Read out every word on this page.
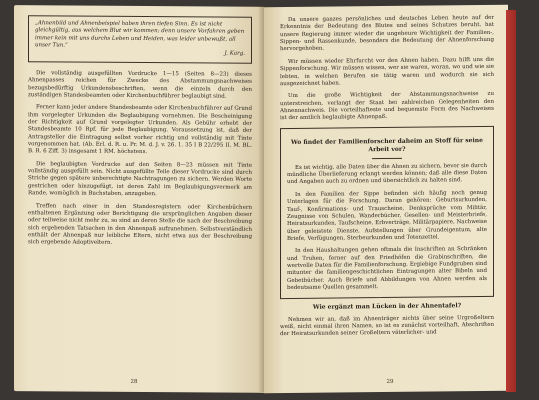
„Ahnenbild und Ahnenbeispiel haben ihren tiefen Sinn. Es ist nicht gleichgültig, aus welchem Blut wir kommen; denn unsere Vorfahren geben immer kein mit uns durchs Leben und Heiden, was leider unbewußt, all unser Tun.“
J. Karg.

Die vollständig ausgefüllten Vordrucke 1—15 (Seiten 8—23) dieses Ahnenpasses reichen für Zwecke des Abstammungsnachweises bezugsbedürftig Urkundensbeschriften, wenn die einzeln durch den zuständigen Standesbeamten oder Kirchenbuchführer beglaubigt sind.

Ferner kann jeder andere Standesbeamte oder Kirchenbuchführer auf Grund ihm vorgelegter Urkunden die Beglaubigung vornehmen. Die Bescheinigung der Richtigkeit auf Grund vorgelegter Urkunden. Als Gebühr erhebt der Standesbeamte 10 Rpf. für jede Beglaubigung. Voraussetzung ist, daß der Antragsteller die Eintragung selbst vorher richtig und vollständig mit Tinte vorgenommen hat. (Ab. Erl. d. R. u. Pr. M. d. J. v. 26. 1. 35 I B 22/295 II. M. BL. B. R. 6 Ziff. 3) insgesamt 1 RM. höchstens.

Die beglaubigten Vordrucke auf den Seiten 8—23 müssen mit Tinte vollständig ausgefüllt sein. Nicht ausgefüllte Teile dieser Vordrucke sind durch Striche gegen spätere unberechtigte Nachtragungen zu sichern. Werden Worte gestrichen oder hinzugefügt, ist deren Zahl im Beglaubigungsvermerk am Rande, womöglich in Buchstaben, anzugeben.

Treffen nach einer in den Standesregistern oder Kirchenbüchern enthaltenen Ergänzung oder Berichtigung die ursprünglichen Angaben dieser oder teilweise nicht mehr zu, so sind an deren Stelle die nach der Beschreibung sich ergebenden Tatsachen in den Ahnenpaß aufzunehmen. Selbstverständlich enthält der Ahnenpaß nur leibliche Eltern, nicht etwa aus der Beschreibung sich ergebende Adoptiveltern.

28

Da unsere ganzes persönliches und deutsches Leben heute auf der Erkenntnis der Bedeutung des Blutes und seines Schutzes beruht, hat unsere Regierung immer wieder die ungeheure Wichtigkeit der Familien-, Sippen- und Rassenkunde, besonders die Bedeutung der Ahnenforschung hervorgehoben.

Wir müssen wieder Ehrfurcht vor den Ahnen haben. Dazu hilft uns die Sippenforschung. Wir müssen wissen, wer sie waren, woran, wo und wie sie lebten, in welchen Berufen sie tätig waren und wodurch sie sich ausgezeichnet haben.

Um die große Wichtigkeit der Abstammungsnachweise zu unterstreichen, verlangt der Staat bei zahlreichen Gelegenheiten den Ahnennachweis. Die vorteilhafteste und bequemste Form des Nachweises ist der amtlich beglaubigte Ahnenpaß.

Wo findet der Familienforscher daheim an Stoff für seine Arbeit vor?

Es ist wichtig, alle Daten über die Ahnen zu sichern, bevor sie durch mündliche Überlieferung erlangt werden können; daß alle diese Daten und Angaben auch zu ordnen und übersichtlich zu halten sind.

In den Familien der Sippe befinden sich häufig noch genug Unterlagen für die Forschung. Daran gehören: Geburtsurkunden, Tauf-, Konfirmations- und Trauscheine, Denksprüche vom Militär, Zeugnisse von Schulen, Wanderbücher, Gesellen- und Meisterbriefe, Heiratsurkunden, Taufscheine, Erbverträge, Militärpapiere, Nachweise über geleistete Dienste, Aufstellungen über Grundeigentum, alte Briefe, Verfügungen, Sterbeurkunden und Totenzettel.

In den Haushaltungen gehen oftmals die Inschriften an Schränken und Truhen, ferner auf den Friedhöfen die Grabinschriften, die wertvolle Daten für die Familienforschung. Ergiebige Fundgruben sind mitunter die familiengeschichtlichen Eintragungen alter Bibeln und Gebetbücher. Auch Briefe und Abbildungen von Ahnen werden als bedeutsame Quellen gesammelt.

Wie ergänzt man Lücken in der Ahnentafel?

Nehmen wir an, daß im Ahnenträger nichts über seine Urgroßeltern weiß, nicht einmal ihren Namen, so ist es zunächst vorteilhaft, Abschriften der Heiratsurkunden seiner Großeltern väterlicher- und

29
